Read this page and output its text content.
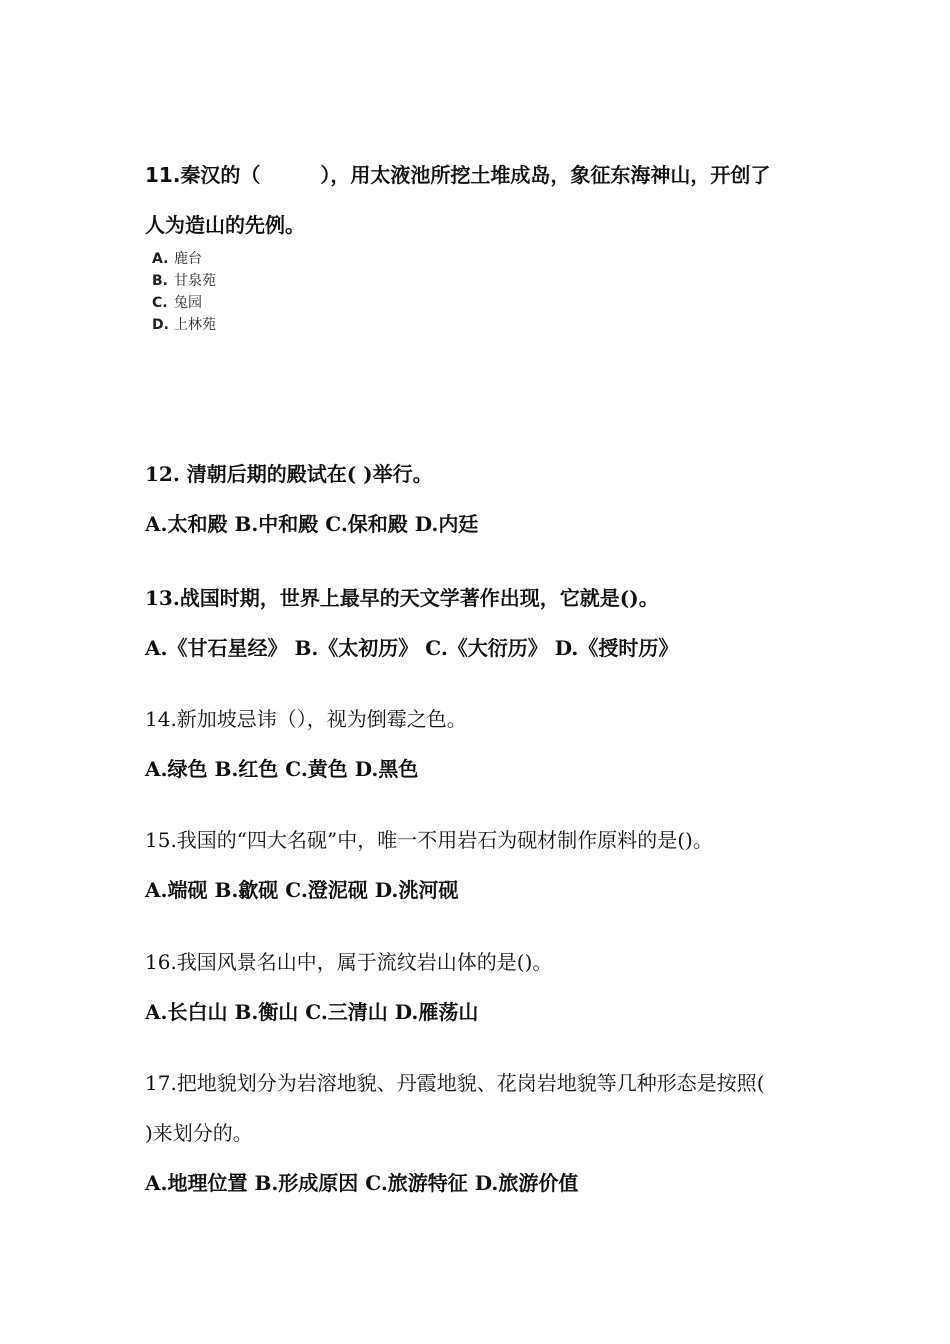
11.秦汉的（　　　），用太液池所挖土堆成岛，象征东海神山，开创了
人为造山的先例。
A. 鹿台
B. 甘泉苑
C. 兔园
D. 上林苑
12. 清朝后期的殿试在( )举行。
A.太和殿 B.中和殿 C.保和殿 D.内廷
13.战国时期，世界上最早的天文学著作出现，它就是()。
A.《甘石星经》 B.《太初历》 C.《大衍历》 D.《授时历》
14.新加坡忌讳（），视为倒霉之色。
A.绿色 B.红色 C.黄色 D.黑色
15.我国的“四大名砚”中，唯一不用岩石为砚材制作原料的是()。
A.端砚 B.歙砚 C.澄泥砚 D.洮河砚
16.我国风景名山中，属于流纹岩山体的是()。
A.长白山 B.衡山 C.三清山 D.雁荡山
17.把地貌划分为岩溶地貌、丹霞地貌、花岗岩地貌等几种形态是按照(
)来划分的。
A.地理位置 B.形成原因 C.旅游特征 D.旅游价值
